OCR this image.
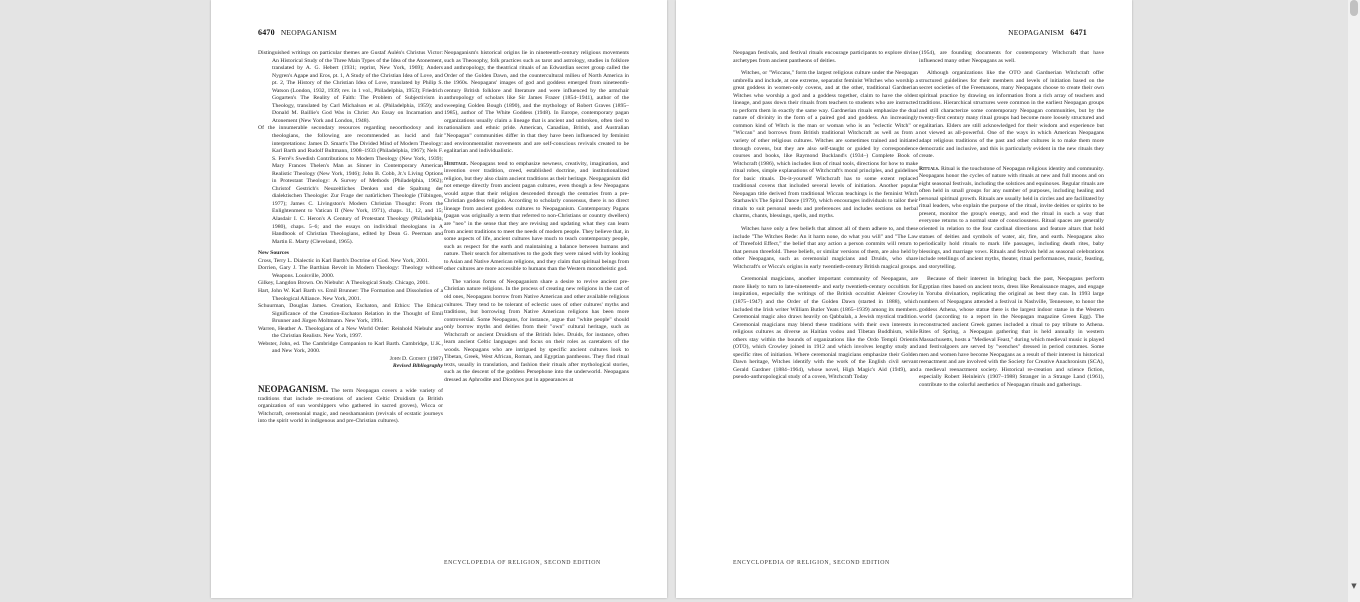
6470 NEOPAGANISM

Distinguished writings on particular themes are Gustaf Aulén's Christus Victor: An Historical Study of the Three Main Types of the Idea of the Atonement, translated by A. G. Hebert (1931; reprint, New York, 1969); Anders Nygren's Agape and Eros, pt. 1, A Study of the Christian Idea of Love, and pt. 2, The History of the Christian Idea of Love, translated by Philip S. Watson (London, 1932, 1939; rev. in 1 vol., Philadelphia, 1953); Friedrich Gogarten's The Reality of Faith: The Problem of Subjectivism in Theology, translated by Carl Michalson et al. (Philadelphia, 1959); and Donald M. Baillie's God Was in Christ: An Essay on Incarnation and Atonement (New York and London, 1948).

Of the innumerable secondary resources regarding neoorthodoxy and its theologians, the following are recommended as lucid and fair interpretations: James D. Smart's The Divided Mind of Modern Theology: Karl Barth and Rudolf Bultmann, 1908–1933 (Philadelphia, 1967); Nels F. S. Ferré's Swedish Contributions to Modern Theology (New York, 1939); Mary Frances Thelen's Man as Sinner in Contemporary American Realistic Theology (New York, 1946); John B. Cobb, Jr.'s Living Options in Protestant Theology: A Survey of Methods (Philadelphia, 1962); Christof Gestrich's Neuzeitliches Denken und die Spaltung der dialektischen Theologie: Zur Frage der natürlichen Theologie (Tübingen, 1977); James C. Livingston's Modern Christian Thought: From the Enlightenment to Vatican II (New York, 1971), chaps. 11, 12, and 15; Alasdair I. C. Heron's A Century of Protestant Theology (Philadelphia, 1980), chaps. 5–6; and the essays on individual theologians in A Handbook of Christian Theologians, edited by Dean G. Peerman and Martin E. Marty (Cleveland, 1965).

New Sources

Cross, Terry L. Dialectic in Karl Barth's Doctrine of God. New York, 2001.

Dorrien, Gary J. The Barthian Revolt in Modern Theology: Theology without Weapons. Louisville, 2000.

Gilkey, Langdon Brown. On Niebuhr: A Theological Study. Chicago, 2001.

Hart, John W. Karl Barth vs. Emil Brunner: The Formation and Dissolution of a Theological Alliance. New York, 2001.

Schuurman, Douglas James. Creation, Eschaton, and Ethics: The Ethical Significance of the Creation-Eschaton Relation in the Thought of Emil Brunner and Jürgen Moltmann. New York, 1991.

Warren, Heather A. Theologians of a New World Order: Reinhold Niebuhr and the Christian Realists. New York, 1997.

Webster, John, ed. The Cambridge Companion to Karl Barth. Cambridge, U.K., and New York, 2000.

John D. Godsey (1987)

Revised Bibliography

NEOPAGANISM. The term Neopagan covers a wide variety of traditions that include re-creations of ancient Celtic Druidism (a British organization of sun worshippers who gathered in sacred groves), Wicca or Witchcraft, ceremonial magic, and neoshamanism (revivals of ecstatic journeys into the spirit world in indigenous and pre-Christian cultures).

Neopaganism's historical origins lie in nineteenth-century religious movements such as Theosophy, folk practices such as tarot and astrology, studies in folklore and anthropology, the theatrical rituals of an Edwardian secret group called the Order of the Golden Dawn, and the countercultural milieu of North America in the 1960s. Neopagans' images of god and goddess emerged from nineteenth-century British folklore and literature and were influenced by the armchair anthropology of scholars like Sir James Frazer (1854–1941), author of the sweeping Golden Bough (1890), and the mythology of Robert Graves (1895–1985), author of The White Goddess (1948). In Europe, contemporary pagan organizations usually claim a lineage that is ancient and unbroken, often tied to nationalism and ethnic pride. American, Canadian, British, and Australian "Neopagan" communities differ in that they have been influenced by feminist and environmentalist movements and are self-conscious revivals created to be egalitarian and individualistic.

Heritage. Neopagans tend to emphasize newness, creativity, imagination, and invention over tradition, creed, established doctrine, and institutionalized religion, but they also claim ancient traditions as their heritage. Neopaganism did not emerge directly from ancient pagan cultures, even though a few Neopagans would argue that their religion descended through the centuries from a pre-Christian goddess religion. According to scholarly consensus, there is no direct lineage from ancient goddess cultures to Neopaganism. Contemporary Pagans (pagan was originally a term that referred to non-Christians or country dwellers) are "neo" in the sense that they are revising and updating what they can learn from ancient traditions to meet the needs of modern people. They believe that, in some aspects of life, ancient cultures have much to teach contemporary people, such as respect for the earth and maintaining a balance between humans and nature. Their search for alternatives to the gods they were raised with by looking to Asian and Native American religions, and they claim that spiritual beings from other cultures are more accessible to humans than the Western monotheistic god.

The various forms of Neopaganism share a desire to revive ancient pre-Christian nature religions. In the process of creating new religions in the cast of old ones, Neopagans borrow from Native American and other available religious cultures. They tend to be tolerant of eclectic uses of other cultures' myths and traditions, but borrowing from Native American religions has been more controversial. Some Neopagans, for instance, argue that "white people" should only borrow myths and deities from their "own" cultural heritage, such as Witchcraft or ancient Druidism of the British Isles. Druids, for instance, often learn ancient Celtic languages and focus on their roles as caretakers of the woods. Neopagans who are intrigued by specific ancient cultures look to Tibetan, Greek, West African, Roman, and Egyptian pantheons. They find ritual texts, usually in translation, and fashion their rituals after mythological stories, such as the descent of the goddess Persephone into the underworld. Neopagans dressed as Aphrodite and Dionysos put in appearances at

ENCYCLOPEDIA OF RELIGION, SECOND EDITION
NEOPAGANISM 6471

Neopagan festivals, and festival rituals encourage participants to explore divine archetypes from ancient pantheons of deities.

Witches, or "Wiccans," form the largest religious culture under the Neopagan umbrella and include, at one extreme, separatist feminist Witches who worship a great goddess in women-only covens, and at the other, traditional Gardnerian Witches who worship a god and a goddess together, claim to have the oldest lineage, and pass down their rituals from teachers to students who are instructed to perform them in exactly the same way. Gardnerian rituals emphasize the dual nature of divinity in the form of a paired god and goddess. An increasingly common kind of Witch is the man or woman who is an "eclectic Witch" or "Wiccan" and borrows from British traditional Witchcraft as well as from a variety of other religious cultures. Witches are sometimes trained and initiated through covens, but they are also self-taught or guided by correspondence courses and books, like Raymond Buckland's (1934–) Complete Book of Witchcraft (1986), which includes lists of ritual tools, directions for how to make ritual robes, simple explanations of Witchcraft's moral principles, and guidelines for basic rituals. Do-it-yourself Witchcraft has to some extent replaced traditional covens that included several levels of initiation. Another popular Neopagan title derived from traditional Wiccan teachings is the feminist Witch Starhawk's The Spiral Dance (1979), which encourages individuals to tailor their rituals to suit personal needs and preferences and includes sections on herbal charms, chants, blessings, spells, and myths.

Witches have only a few beliefs that almost all of them adhere to, and these include "The Witches Rede: An it harm none, do what you will" and "The Law of Threefold Effect," the belief that any action a person commits will return to that person threefold. These beliefs, or similar versions of them, are also held by other Neopagans, such as ceremonial magicians and Druids, who share Witchcraft's or Wicca's origins in early twentieth-century British magical groups.

Ceremonial magicians, another important community of Neopagans, are more likely to turn to late-nineteenth- and early twentieth-century occultists for inspiration, especially the writings of the British occultist Aleister Crowley (1875–1947) and the Order of the Golden Dawn (started in 1888), which included the Irish writer William Butler Yeats (1865–1939) among its members. Ceremonial magic also draws heavily on Qabbalah, a Jewish mystical tradition. Ceremonial magicians may blend these traditions with their own interests in religious cultures as diverse as Haitian vodou and Tibetan Buddhism, while others stay within the bounds of organizations like the Ordo Templi Orientis (OTO), which Crowley joined in 1912 and which involves lengthy study and specific rites of initiation. Where ceremonial magicians emphasize their Golden Dawn heritage, Witches identify with the work of the English civil servant Gerald Gardner (1884–1964), whose novel, High Magic's Aid (1949), and pseudo-anthropological study of a coven, Witchcraft Today

(1954), are founding documents for contemporary Witchcraft that have influenced many other Neopagans as well.

Although organizations like the OTO and Gardnerian Witchcraft offer structured guidelines for their members and levels of initiation based on the secret societies of the Freemasons, many Neopagans choose to create their own spiritual practice by drawing on information from a rich array of teachers and traditions. Hierarchical structures were common in the earliest Neopagan groups and still characterize some contemporary Neopagan communities, but by the twenty-first century many ritual groups had become more loosely structured and egalitarian. Elders are still acknowledged for their wisdom and experience but not viewed as all-powerful. One of the ways in which American Neopagans adapt religious traditions of the past and other cultures is to make them more democratic and inclusive, and this is particularly evident in the new rituals they create.

Rituals. Ritual is the touchstone of Neopagan religious identity and community. Neopagans honor the cycles of nature with rituals at new and full moons and on eight seasonal festivals, including the solstices and equinoxes. Regular rituals are often held in small groups for any number of purposes, including healing and personal spiritual growth. Rituals are usually held in circles and are facilitated by ritual leaders, who explain the purpose of the ritual, invite deities or spirits to be present, monitor the group's energy, and end the ritual in such a way that everyone returns to a normal state of consciousness. Ritual spaces are generally oriented in relation to the four cardinal directions and feature altars that hold statues of deities and symbols of water, air, fire, and earth. Neopagans also periodically hold rituals to mark life passages, including death rites, baby blessings, and marriage vows. Rituals and festivals held as seasonal celebrations include retellings of ancient myths, theater, ritual performances, music, feasting, and storytelling.

Because of their interest in bringing back the past, Neopagans perform Egyptian rites based on ancient texts, dress like Renaissance mages, and engage in Yoruba divination, replicating the original as best they can. In 1993 large numbers of Neopagans attended a festival in Nashville, Tennessee, to honor the goddess Athena, whose statue there is the largest indoor statue in the Western world (according to a report in the Neopagan magazine Green Egg). The reconstructed ancient Greek games included a ritual to pay tribute to Athena. Rites of Spring, a Neopagan gathering that is held annually in western Massachusetts, hosts a "Medieval Feast," during which medieval music is played and festivalgoers are served by "wenches" dressed in period costumes. Some men and women have become Neopagans as a result of their interest in historical reenactment and are involved with the Society for Creative Anachronism (SCA), a medieval reenactment society. Historical re-creation and science fiction, especially Robert Heinlein's (1907–1988) Stranger in a Strange Land (1961), contribute to the colorful aesthetics of Neopagan rituals and gatherings.

ENCYCLOPEDIA OF RELIGION, SECOND EDITION
▼
